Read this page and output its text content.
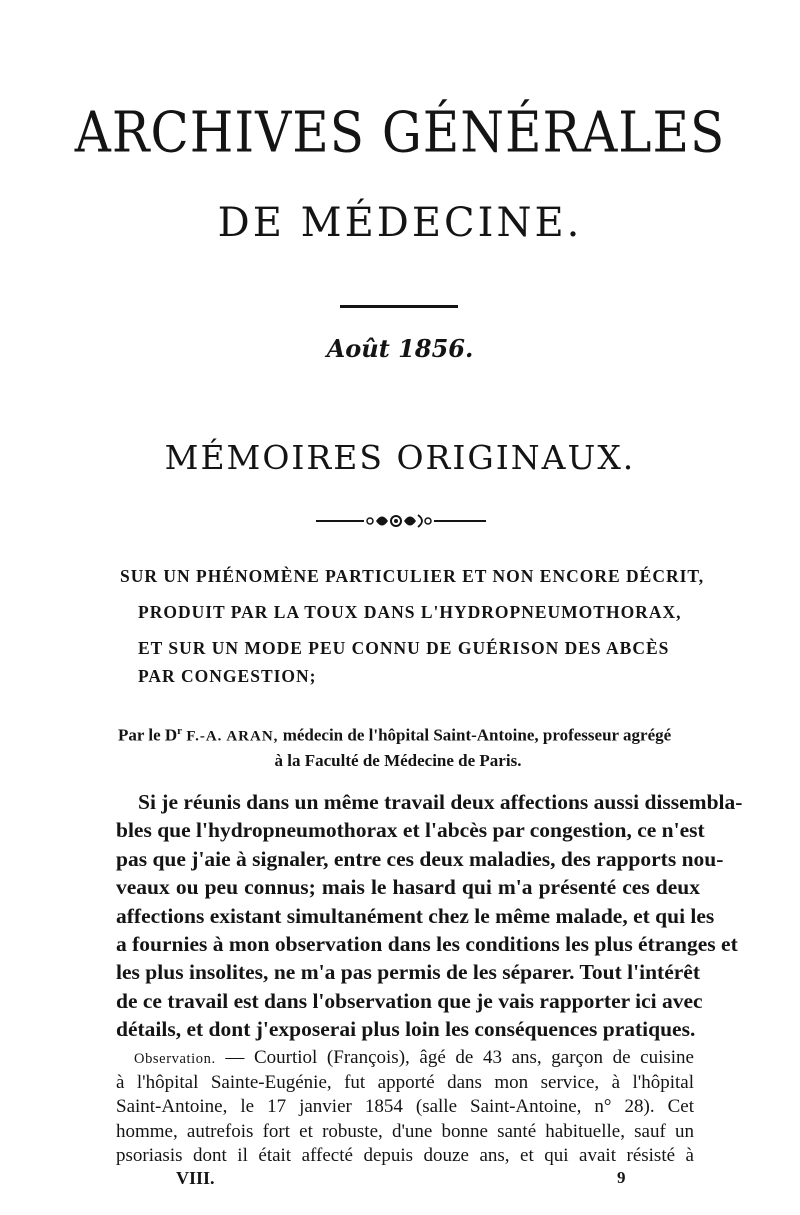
ARCHIVES GÉNÉRALES
DE MÉDECINE.
Août 1856.
MÉMOIRES ORIGINAUX.
SUR UN PHÉNOMÈNE PARTICULIER ET NON ENCORE DÉCRIT,
PRODUIT PAR LA TOUX DANS L'HYDROPNEUMOTHORAX,
ET SUR UN MODE PEU CONNU DE GUÉRISON DES ABCÈS
PAR CONGESTION;
Par le $D^r$ F.-A. ARAN, médecin de l'hôpital Saint-Antoine, professeur agrégé
à la Faculté de Médecine de Paris.
Si je réunis dans un même travail deux affections aussi dissembla-
bles que l'hydropneumothorax et l'abcès par congestion, ce n'est
pas que j'aie à signaler, entre ces deux maladies, des rapports nou-
veaux ou peu connus; mais le hasard qui m'a présenté ces deux
affections existant simultanément chez le même malade, et qui les
a fournies à mon observation dans les conditions les plus étranges et
les plus insolites, ne m'a pas permis de les séparer. Tout l'intérêt
de ce travail est dans l'observation que je vais rapporter ici avec
détails, et dont j'exposerai plus loin les conséquences pratiques.
Observation. — Courtiol (François), âgé de 43 ans, garçon de cuisine
à l'hôpital Sainte-Eugénie, fut apporté dans mon service, à l'hôpital
Saint-Antoine, le 17 janvier 1854 (salle Saint-Antoine, n° 28). Cet
homme, autrefois fort et robuste, d'une bonne santé habituelle, sauf un
psoriasis dont il était affecté depuis douze ans, et qui avait résisté à
VIII.	9
